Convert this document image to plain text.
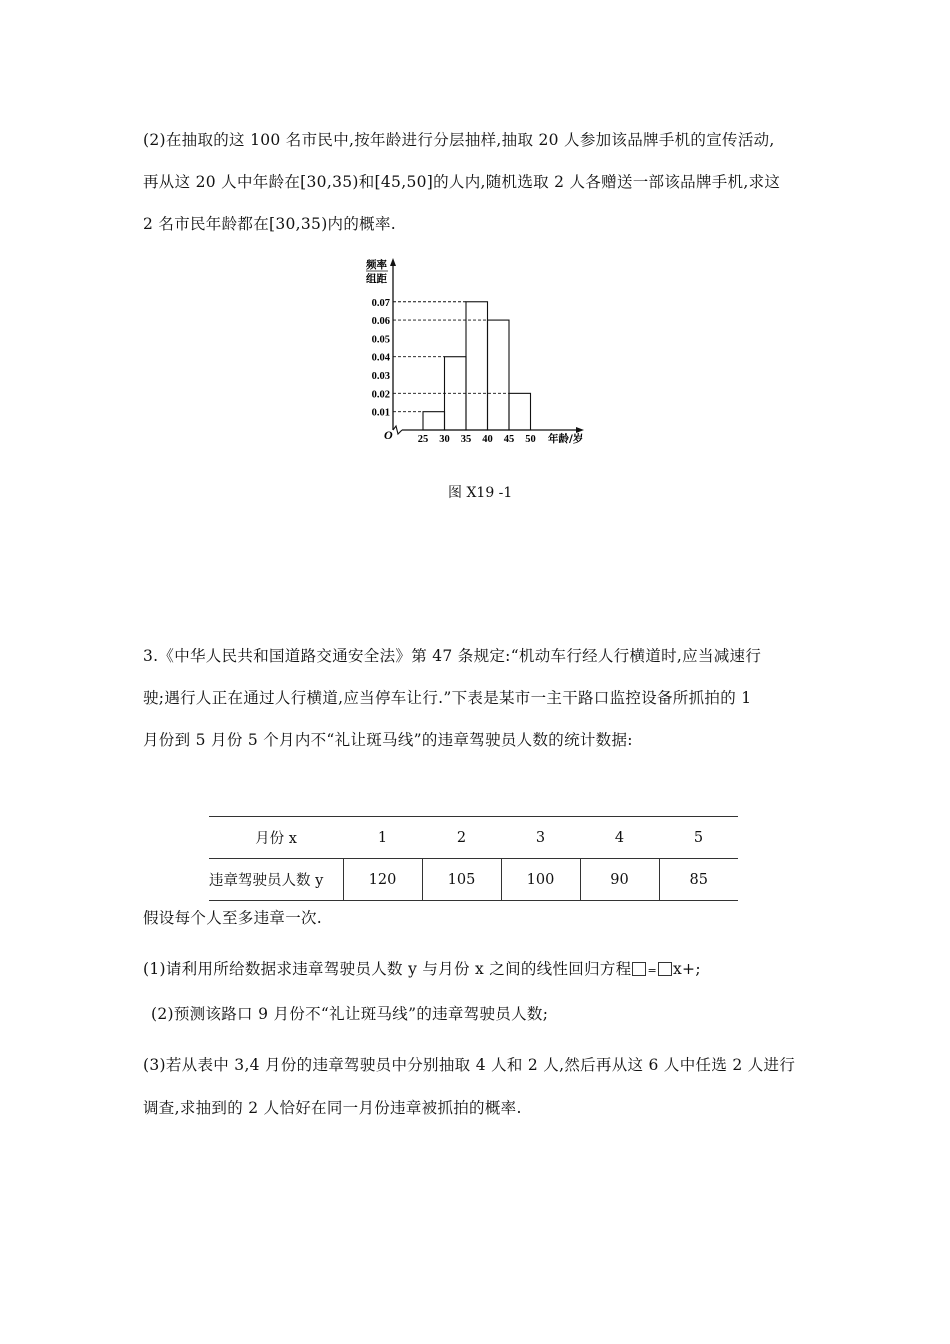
(2)在抽取的这 100 名市民中,按年龄进行分层抽样,抽取 20 人参加该品牌手机的宣传活动,
再从这 20 人中年龄在[30,35)和[45,50]的人内,随机选取 2 人各赠送一部该品牌手机,求这
2 名市民年龄都在[30,35)内的概率.
0.07
0.06
0.05
0.04
0.03
0.02
0.01
25 30 35 40 45 50
频率
组距
O	年龄/岁
图 X19 -1
3.《中华人民共和国道路交通安全法》第 47 条规定:“机动车行经人行横道时,应当减速行
驶;遇行人正在通过人行横道,应当停车让行.”下表是某市一主干路口监控设备所抓拍的 1
月份到 5 月份 5 个月内不“礼让斑马线”的违章驾驶员人数的统计数据:
月份 x	1	2	3	4	5
违章驾驶员人数 y	120	105	100	90	85
假设每个人至多违章一次.
(1)请利用所给数据求违章驾驶员人数 y 与月份 x 之间的线性回归方程 = x+;
(2)预测该路口 9 月份不“礼让斑马线”的违章驾驶员人数;
(3)若从表中 3,4 月份的违章驾驶员中分别抽取 4 人和 2 人,然后再从这 6 人中任选 2 人进行
调查,求抽到的 2 人恰好在同一月份违章被抓拍的概率.
